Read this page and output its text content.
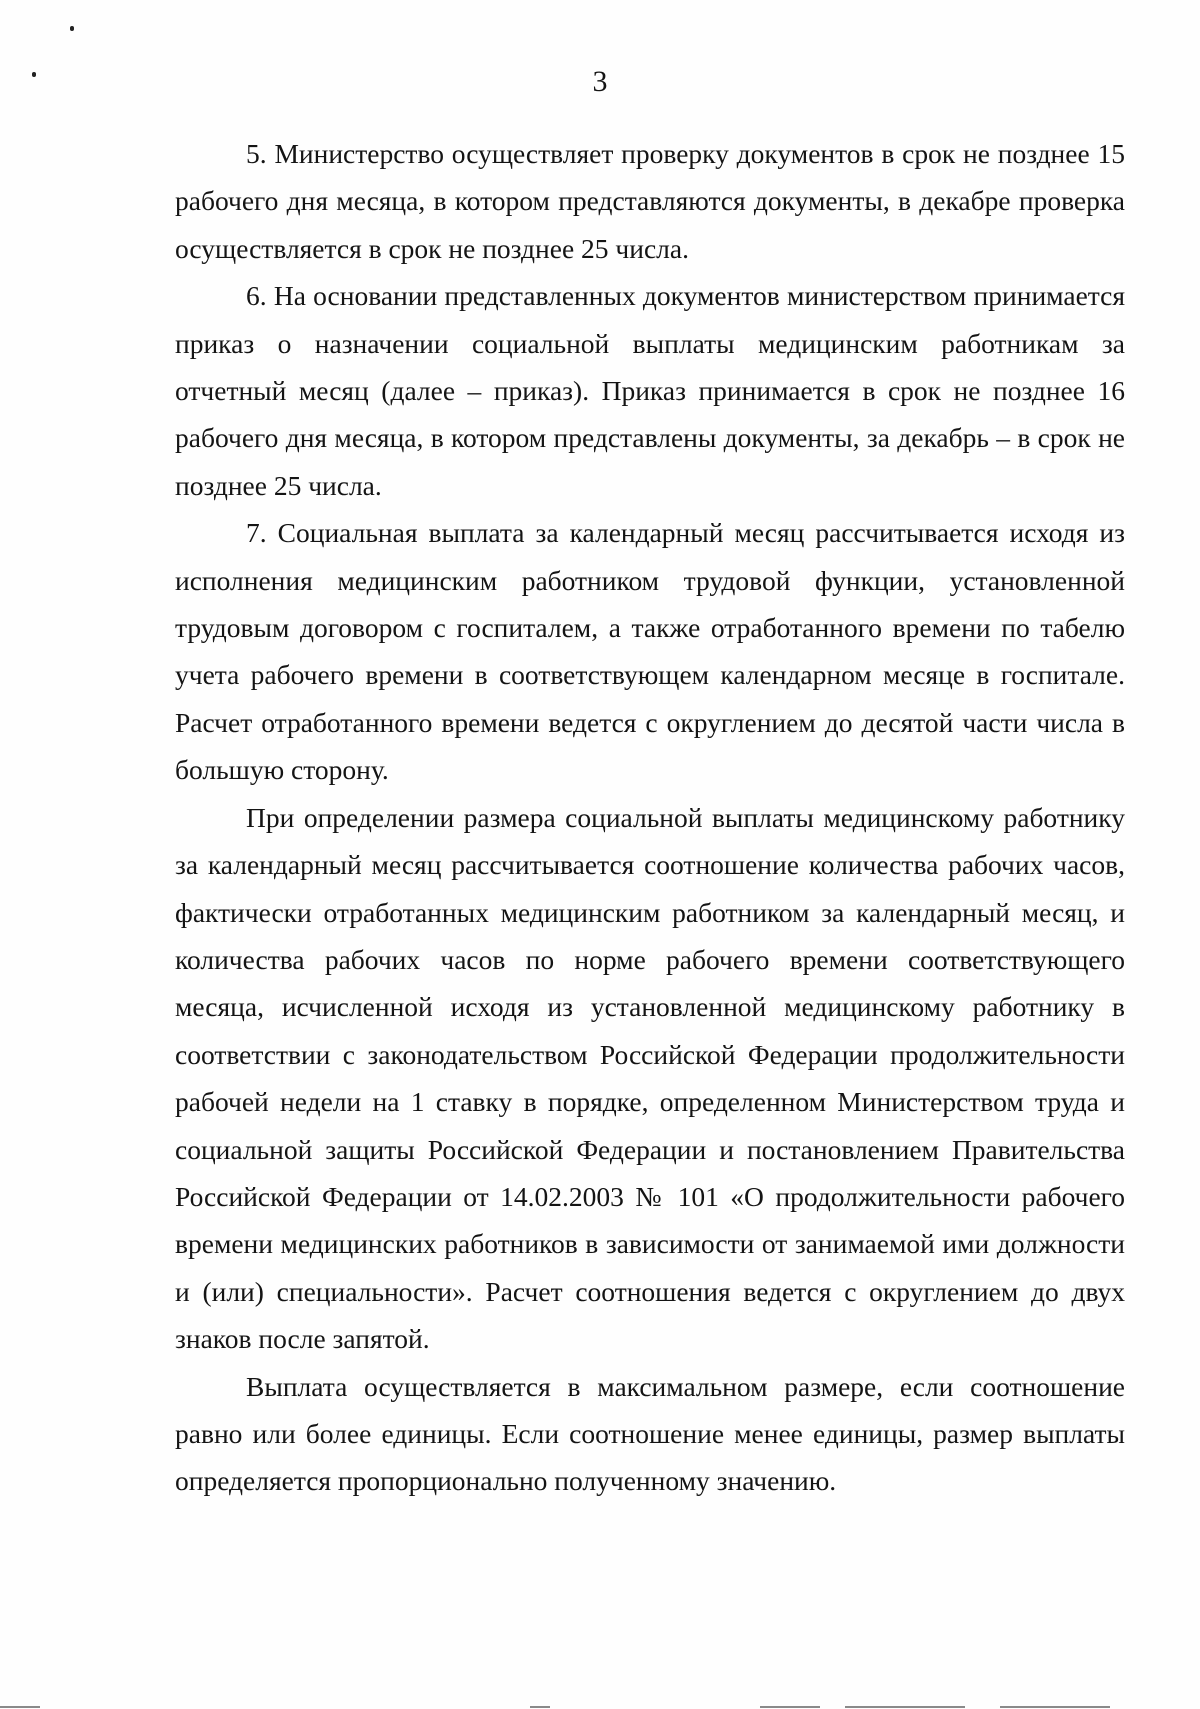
3

5. Министерство осуществляет проверку документов в срок не позднее 15 рабочего дня месяца, в котором представляются документы, в декабре проверка осуществляется в срок не позднее 25 числа.

6. На основании представленных документов министерством принимается приказ о назначении социальной выплаты медицинским работникам за отчетный месяц (далее – приказ). Приказ принимается в срок не позднее 16 рабочего дня месяца, в котором представлены документы, за декабрь – в срок не позднее 25 числа.

7. Социальная выплата за календарный месяц рассчитывается исходя из исполнения медицинским работником трудовой функции, установленной трудовым договором с госпиталем, а также отработанного времени по табелю учета рабочего времени в соответствующем календарном месяце в госпитале. Расчет отработанного времени ведется с округлением до десятой части числа в большую сторону.

При определении размера социальной выплаты медицинскому работнику за календарный месяц рассчитывается соотношение количества рабочих часов, фактически отработанных медицинским работником за календарный месяц, и количества рабочих часов по норме рабочего времени соответствующего месяца, исчисленной исходя из установленной медицинскому работнику в соответствии с законодательством Российской Федерации продолжительности рабочей недели на 1 ставку в порядке, определенном Министерством труда и социальной защиты Российской Федерации и постановлением Правительства Российской Федерации от 14.02.2003 № 101 «О продолжительности рабочего времени медицинских работников в зависимости от занимаемой ими должности и (или) специальности». Расчет соотношения ведется с округлением до двух знаков после запятой.

Выплата осуществляется в максимальном размере, если соотношение равно или более единицы. Если соотношение менее единицы, размер выплаты определяется пропорционально полученному значению.
